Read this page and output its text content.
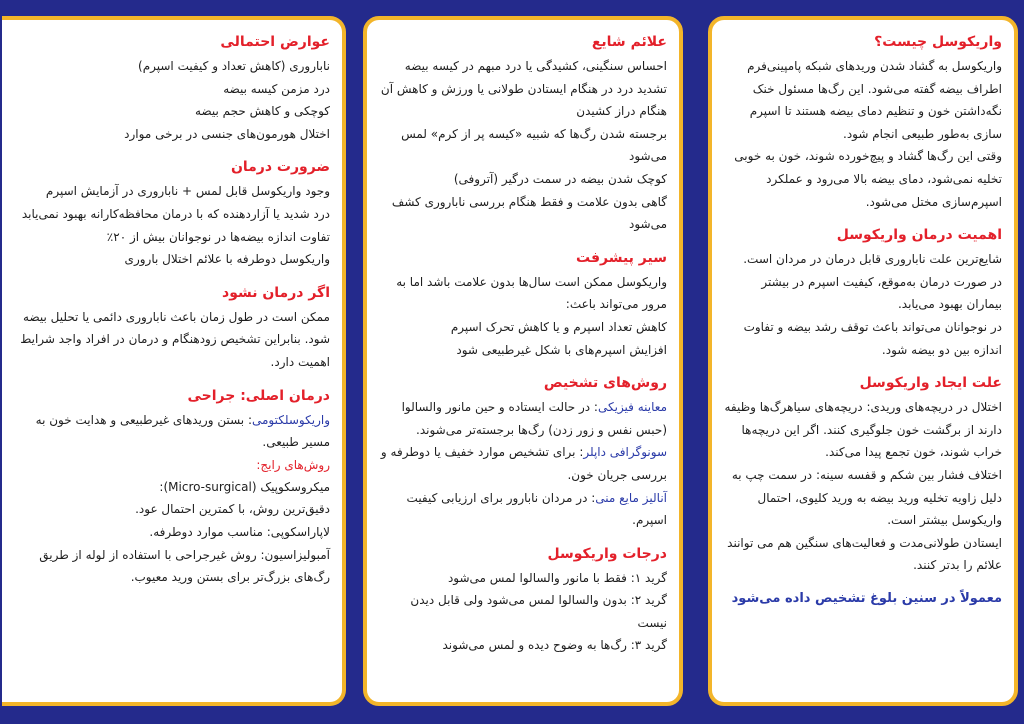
واریکوسل چیست؟

واریکوسل به گشاد شدن وریدهای شبکه پامپینی‌فرم اطراف بیضه گفته می‌شود. این رگ‌ها مسئول خنک نگه‌داشتن خون و تنظیم دمای بیضه هستند تا اسپرم سازی به‌طور طبیعی انجام شود.

وقتی این رگ‌ها گشاد و پیچ‌خورده شوند، خون به خوبی تخلیه نمی‌شود، دمای بیضه بالا می‌رود و عملکرد اسپرم‌سازی مختل می‌شود.

اهمیت درمان واریکوسل

شایع‌ترین علت ناباروری قابل درمان در مردان است.

در صورت درمان به‌موقع، کیفیت اسپرم در بیشتر بیماران بهبود می‌یابد.

در نوجوانان می‌تواند باعث توقف رشد بیضه و تفاوت اندازه بین دو بیضه شود.

علت ایجاد واریکوسل

اختلال در دریچه‌های وریدی: دریچه‌های سیاهرگ‌ها وظیفه دارند از برگشت خون جلوگیری کنند. اگر این دریچه‌ها خراب شوند، خون تجمع پیدا می‌کند.

اختلاف فشار بین شکم و قفسه سینه: در سمت چپ به دلیل زاویه تخلیه ورید بیضه به ورید کلیوی، احتمال واریکوسل بیشتر است.

ایستادن طولانی‌مدت و فعالیت‌های سنگین هم می توانند علائم را بدتر کنند.

معمولاً در سنین بلوغ تشخیص داده می‌شود
علائم شایع

احساس سنگینی، کشیدگی یا درد مبهم در کیسه بیضه

تشدید درد در هنگام ایستادن طولانی یا ورزش و کاهش آن هنگام دراز کشیدن

برجسته شدن رگ‌ها که شبیه «کیسه پر از کرم» لمس می‌شود

کوچک شدن بیضه در سمت درگیر (آتروفی)

گاهی بدون علامت و فقط هنگام بررسی ناباروری کشف می‌شود

سیر پیشرفت

واریکوسل ممکن است سال‌ها بدون علامت باشد اما به مرور می‌تواند باعث:

کاهش تعداد اسپرم و یا کاهش تحرک اسپرم

افزایش اسپرم‌های با شکل غیرطبیعی شود

روش‌های تشخیص

معاینه فیزیکی: در حالت ایستاده و حین مانور والسالوا (حبس نفس و زور زدن) رگ‌ها برجسته‌تر می‌شوند.

سونوگرافی داپلر: برای تشخیص موارد خفیف یا دوطرفه و بررسی جریان خون.

آنالیز مایع منی: در مردان نابارور برای ارزیابی کیفیت اسپرم.

درجات واریکوسل

گرید ۱: فقط با مانور والسالوا لمس می‌شود

گرید ۲: بدون والسالوا لمس می‌شود ولی قابل دیدن نیست

گرید ۳: رگ‌ها به وضوح دیده و لمس می‌شوند

عوارض احتمالی

ناباروری (کاهش تعداد و کیفیت اسپرم)

درد مزمن کیسه بیضه

کوچکی و کاهش حجم بیضه

اختلال هورمون‌های جنسی در برخی موارد

ضرورت درمان

وجود واریکوسل قابل لمس + ناباروری در آزمایش اسپرم

درد شدید یا آزاردهنده که با درمان محافظه‌کارانه بهبود نمی‌یابد

تفاوت اندازه بیضه‌ها در نوجوانان بیش از ۲۰٪

واریکوسل دوطرفه با علائم اختلال باروری

اگر درمان نشود

ممکن است در طول زمان باعث ناباروری دائمی یا تحلیل بیضه شود. بنابراین تشخیص زودهنگام و درمان در افراد واجد شرایط اهمیت دارد.

درمان اصلی: جراحی

واریکوسلکتومی: بستن وریدهای غیرطبیعی و هدایت خون به مسیر طبیعی.

روش‌های رایج:

میکروسکوپیک (Micro-surgical):

دقیق‌ترین روش، با کمترین احتمال عود.

لاپاراسکوپی: مناسب موارد دوطرفه.

آمبولیزاسیون: روش غیرجراحی با استفاده از لوله از طریق رگ‌های بزرگ‌تر برای بستن ورید معیوب.
